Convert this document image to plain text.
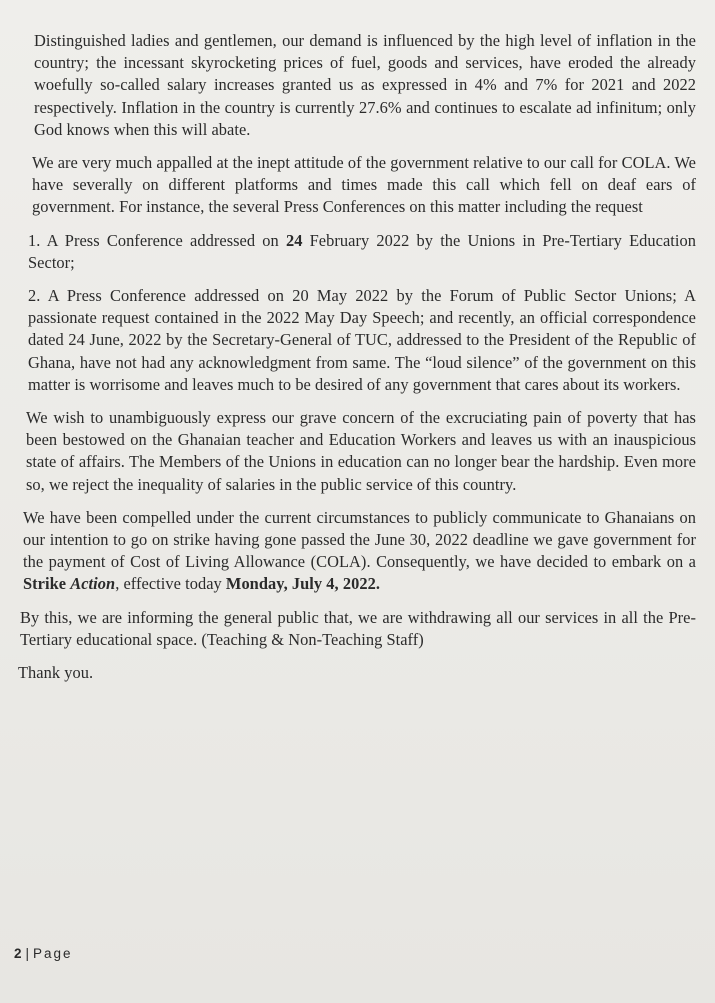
Distinguished ladies and gentlemen, our demand is influenced by the high level of inflation in the country; the incessant skyrocketing prices of fuel, goods and services, have eroded the already woefully so-called salary increases granted us as expressed in 4% and 7% for 2021 and 2022 respectively. Inflation in the country is currently 27.6% and continues to escalate ad infinitum; only God knows when this will abate.

We are very much appalled at the inept attitude of the government relative to our call for COLA. We have severally on different platforms and times made this call which fell on deaf ears of government. For instance, the several Press Conferences on this matter including the request

1. A Press Conference addressed on 24 February 2022 by the Unions in Pre-Tertiary Education Sector;

2. A Press Conference addressed on 20 May 2022 by the Forum of Public Sector Unions; A passionate request contained in the 2022 May Day Speech; and recently, an official correspondence dated 24 June, 2022 by the Secretary-General of TUC, addressed to the President of the Republic of Ghana, have not had any acknowledgment from same. The “loud silence” of the government on this matter is worrisome and leaves much to be desired of any government that cares about its workers.

We wish to unambiguously express our grave concern of the excruciating pain of poverty that has been bestowed on the Ghanaian teacher and Education Workers and leaves us with an inauspicious state of affairs. The Members of the Unions in education can no longer bear the hardship. Even more so, we reject the inequality of salaries in the public service of this country.

We have been compelled under the current circumstances to publicly communicate to Ghanaians on our intention to go on strike having gone passed the June 30, 2022 deadline we gave government for the payment of Cost of Living Allowance (COLA). Consequently, we have decided to embark on a Strike Action, effective today Monday, July 4, 2022.

By this, we are informing the general public that, we are withdrawing all our services in all the Pre-Tertiary educational space. (Teaching & Non-Teaching Staff)

Thank you.

2 | Page
